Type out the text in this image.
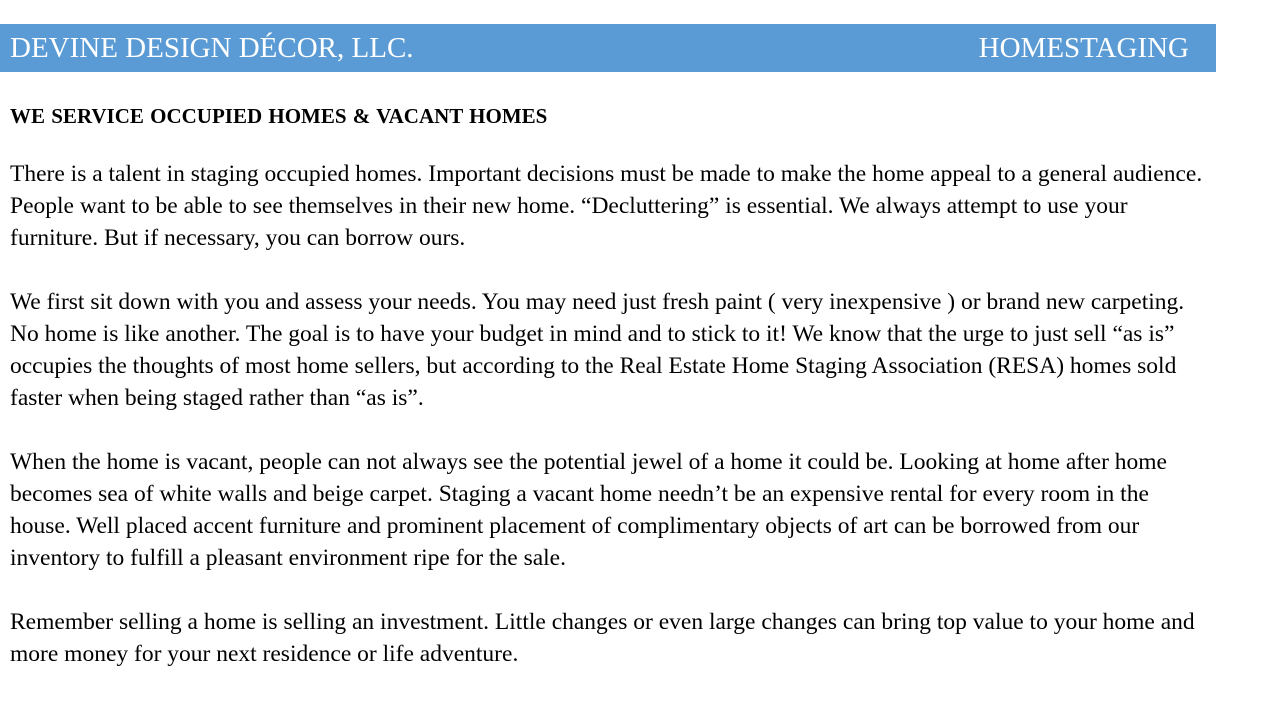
DEVINE DESIGN DÉCOR, LLC.	HOMESTAGING
WE SERVICE OCCUPIED HOMES & VACANT HOMES
There is a talent in staging occupied homes. Important decisions must be made to make the home appeal to a general audience. People want to be able to see themselves in their new home. “Decluttering” is essential. We always attempt to use your furniture. But if necessary, you can borrow ours.
We first sit down with you and assess your needs. You may need just fresh paint ( very inexpensive ) or brand new carpeting. No home is like another. The goal is to have your budget in mind and to stick to it! We know that the urge to just sell “as is” occupies the thoughts of most home sellers, but according to the Real Estate Home Staging Association (RESA) homes sold faster when being staged rather than “as is”.
When the home is vacant, people can not always see the potential jewel of a home it could be. Looking at home after home becomes sea of white walls and beige carpet. Staging a vacant home needn’t be an expensive rental for every room in the house. Well placed accent furniture and prominent placement of complimentary objects of art can be borrowed from our inventory to fulfill a pleasant environment ripe for the sale.
Remember selling a home is selling an investment. Little changes or even large changes can bring top value to your home and more money for your next residence or life adventure.
